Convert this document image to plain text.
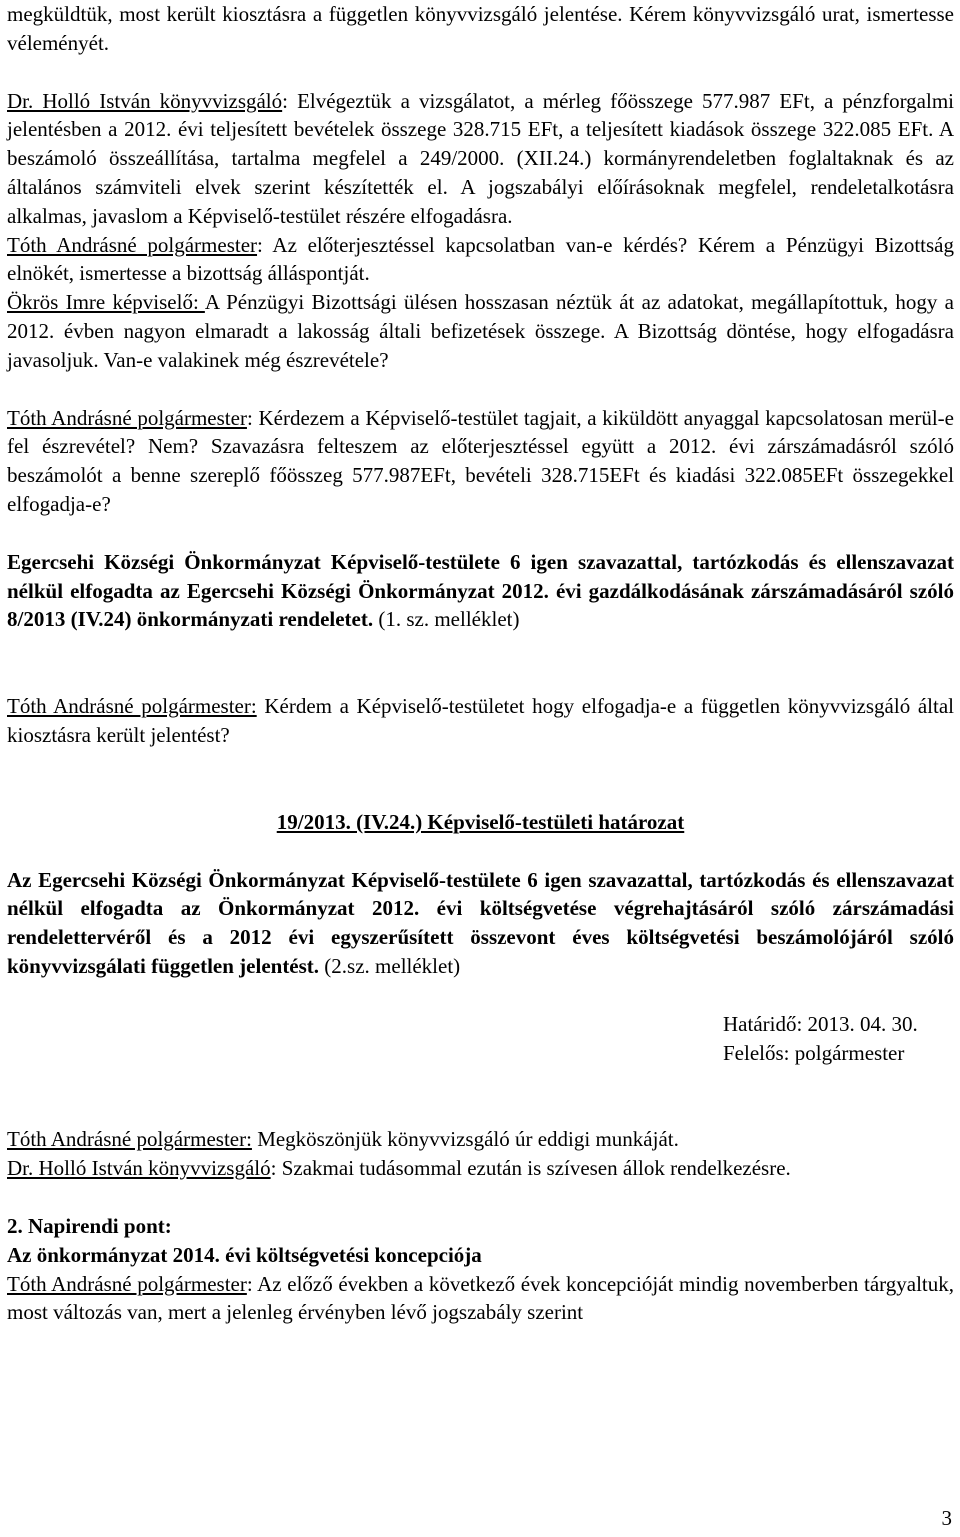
megküldtük, most került kiosztásra a független könyvvizsgáló jelentése. Kérem könyvvizsgáló urat, ismertesse véleményét.

Dr. Holló István könyvvizsgáló: Elvégeztük a vizsgálatot, a mérleg főösszege 577.987 EFt, a pénzforgalmi jelentésben a 2012. évi teljesített bevételek összege 328.715 EFt, a teljesített kiadások összege 322.085 EFt. A beszámoló összeállítása, tartalma megfelel a 249/2000. (XII.24.) kormányrendeletben foglaltaknak és az általános számviteli elvek szerint készítették el. A jogszabályi előírásoknak megfelel, rendeletalkotásra alkalmas, javaslom a Képviselő-testület részére elfogadásra.

Tóth Andrásné polgármester: Az előterjesztéssel kapcsolatban van-e kérdés? Kérem a Pénzügyi Bizottság elnökét, ismertesse a bizottság álláspontját.

Ökrös Imre képviselő: A Pénzügyi Bizottsági ülésen hosszasan néztük át az adatokat, megállapítottuk, hogy a 2012. évben nagyon elmaradt a lakosság általi befizetések összege. A Bizottság döntése, hogy elfogadásra javasoljuk. Van-e valakinek még észrevétele?

Tóth Andrásné polgármester: Kérdezem a Képviselő-testület tagjait, a kiküldött anyaggal kapcsolatosan merül-e fel észrevétel? Nem? Szavazásra felteszem az előterjesztéssel együtt a 2012. évi zárszámadásról szóló beszámolót a benne szereplő főösszeg 577.987EFt, bevételi 328.715EFt és kiadási 322.085EFt összegekkel elfogadja-e?

Egercsehi Községi Önkormányzat Képviselő-testülete 6 igen szavazattal, tartózkodás és ellenszavazat nélkül elfogadta az Egercsehi Községi Önkormányzat 2012. évi gazdálkodásának zárszámadásáról szóló 8/2013 (IV.24) önkormányzati rendeletet. (1. sz. melléklet)

Tóth Andrásné polgármester: Kérdem a Képviselő-testületet hogy elfogadja-e a független könyvvizsgáló által kiosztásra került jelentést?

19/2013. (IV.24.) Képviselő-testületi határozat

Az Egercsehi Községi Önkormányzat Képviselő-testülete 6 igen szavazattal, tartózkodás és ellenszavazat nélkül elfogadta az Önkormányzat 2012. évi költségvetése végrehajtásáról szóló zárszámadási rendelettervéről és a 2012 évi egyszerűsített összevont éves költségvetési beszámolójáról szóló könyvvizsgálati független jelentést. (2.sz. melléklet)

Határidő: 2013. 04. 30.
Felelős: polgármester

Tóth Andrásné polgármester: Megköszönjük könyvvizsgáló úr eddigi munkáját.

Dr. Holló István könyvvizsgáló: Szakmai tudásommal ezután is szívesen állok rendelkezésre.

2. Napirendi pont:

Az önkormányzat 2014. évi költségvetési koncepciója

Tóth Andrásné polgármester: Az előző években a következő évek koncepcióját mindig novemberben tárgyaltuk, most változás van, mert a jelenleg érvényben lévő jogszabály szerint

3
